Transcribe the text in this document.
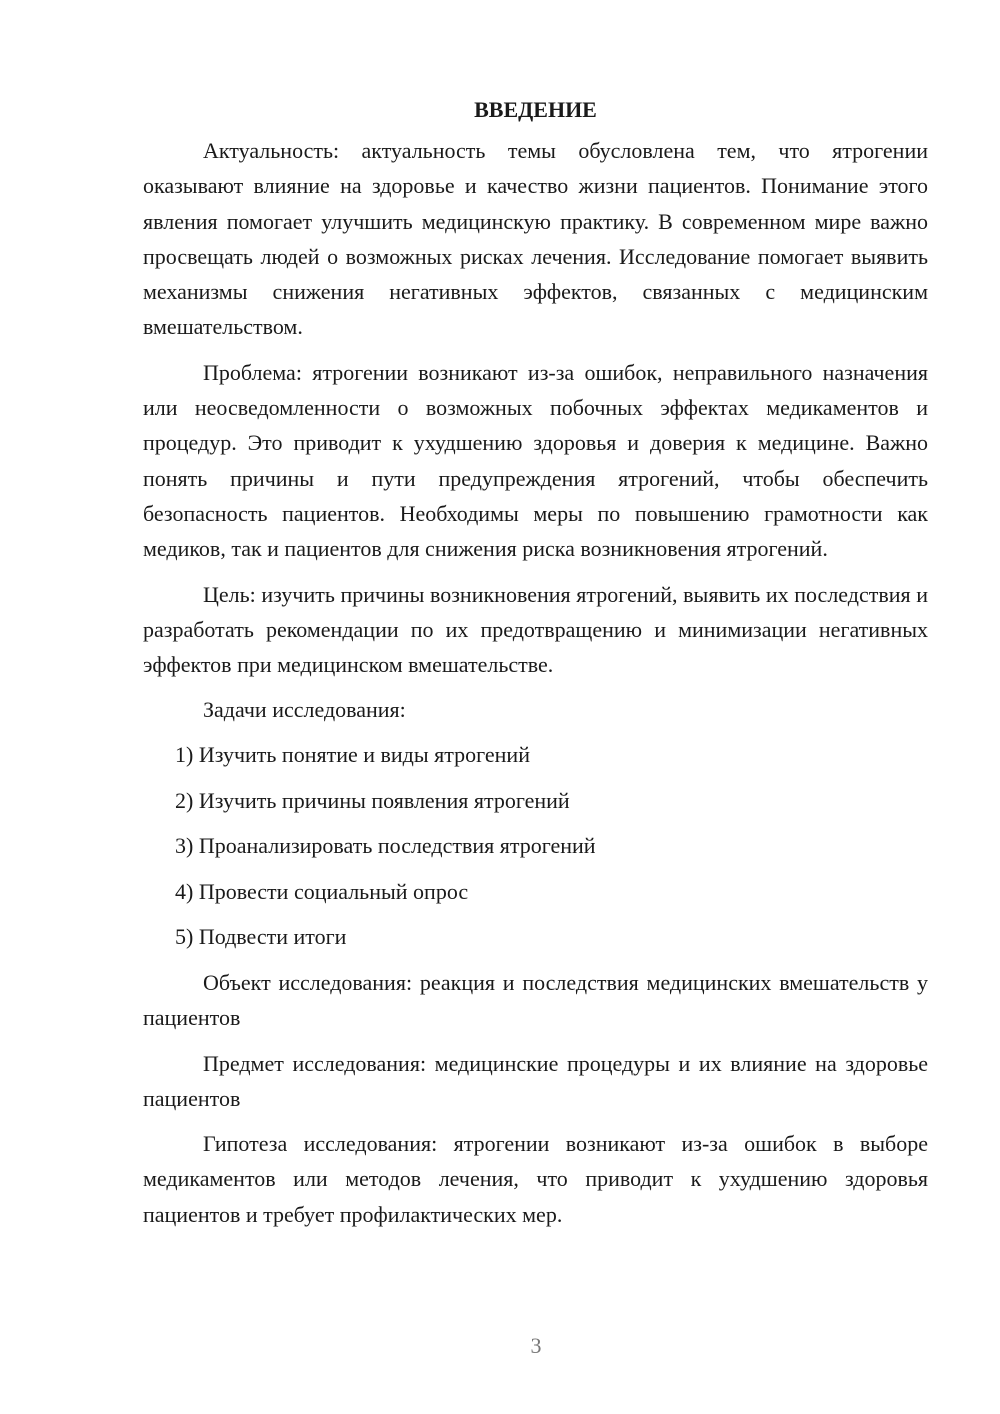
ВВЕДЕНИЕ

Актуальность: актуальность темы обусловлена тем, что ятрогении оказывают влияние на здоровье и качество жизни пациентов. Понимание этого явления помогает улучшить медицинскую практику. В современном мире важно просвещать людей о возможных рисках лечения. Исследование помогает выявить механизмы снижения негативных эффектов, связанных с медицинским вмешательством.

Проблема: ятрогении возникают из-за ошибок, неправильного назначения или неосведомленности о возможных побочных эффектах медикаментов и процедур. Это приводит к ухудшению здоровья и доверия к медицине. Важно понять причины и пути предупреждения ятрогений, чтобы обеспечить безопасность пациентов. Необходимы меры по повышению грамотности как медиков, так и пациентов для снижения риска возникновения ятрогений.

Цель: изучить причины возникновения ятрогений, выявить их последствия и разработать рекомендации по их предотвращению и минимизации негативных эффектов при медицинском вмешательстве.

Задачи исследования:

1) Изучить понятие и виды ятрогений
2) Изучить причины появления ятрогений
3) Проанализировать последствия ятрогений
4) Провести социальный опрос
5) Подвести итоги

Объект исследования: реакция и последствия медицинских вмешательств у пациентов

Предмет исследования: медицинские процедуры и их влияние на здоровье пациентов

Гипотеза исследования: ятрогении возникают из-за ошибок в выборе медикаментов или методов лечения, что приводит к ухудшению здоровья пациентов и требует профилактических мер.

3
